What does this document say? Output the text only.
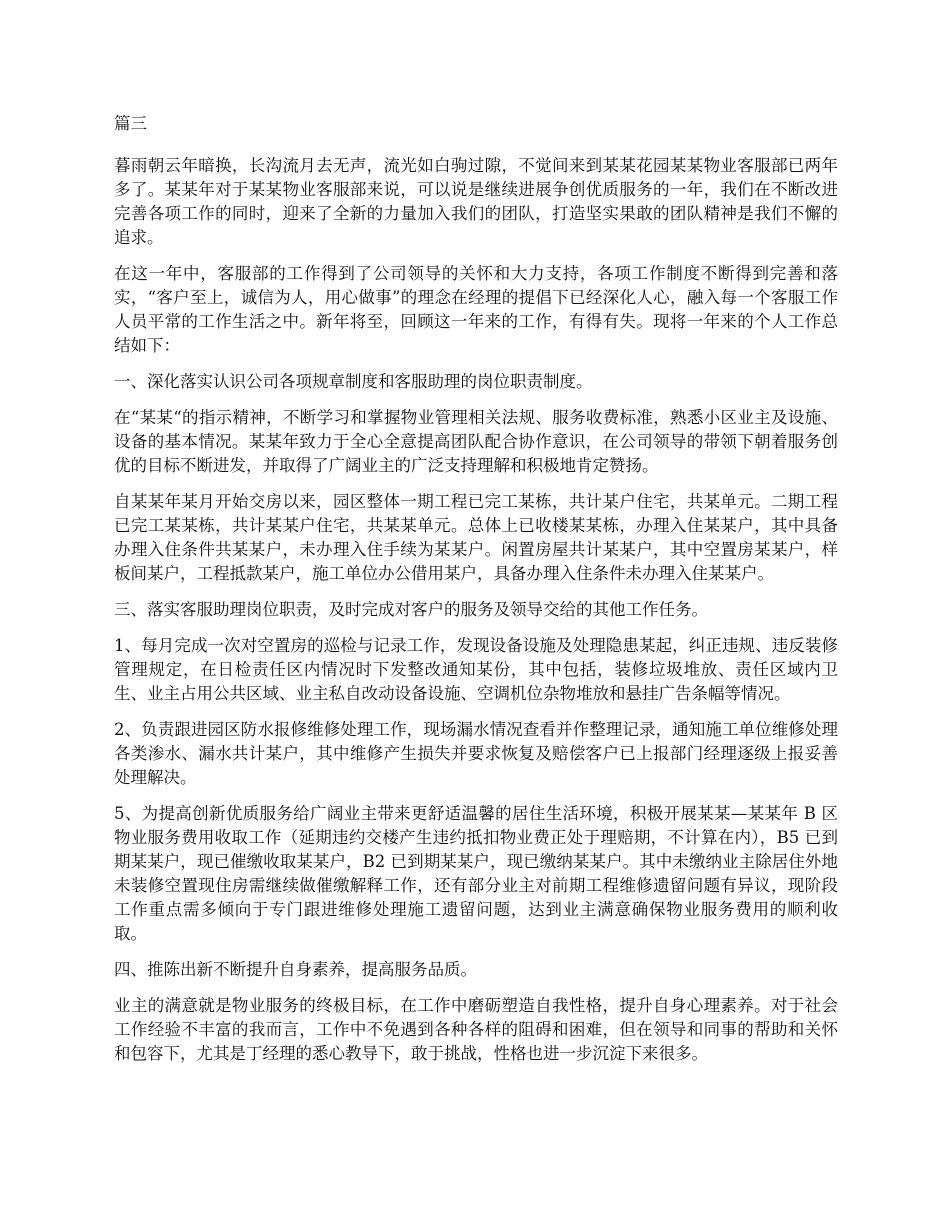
篇三

暮雨朝云年暗换，长沟流月去无声，流光如白驹过隙，不觉间来到某某花园某某物业客服部已两年多了。某某年对于某某物业客服部来说，可以说是继续进展争创优质服务的一年，我们在不断改进完善各项工作的同时，迎来了全新的力量加入我们的团队，打造坚实果敢的团队精神是我们不懈的追求。

在这一年中，客服部的工作得到了公司领导的关怀和大力支持，各项工作制度不断得到完善和落实，“客户至上，诚信为人，用心做事”的理念在经理的提倡下已经深化人心，融入每一个客服工作人员平常的工作生活之中。新年将至，回顾这一年来的工作，有得有失。现将一年来的个人工作总结如下：

一、深化落实认识公司各项规章制度和客服助理的岗位职责制度。

在“某某“的指示精神，不断学习和掌握物业管理相关法规、服务收费标准，熟悉小区业主及设施、设备的基本情况。某某年致力于全心全意提高团队配合协作意识，在公司领导的带领下朝着服务创优的目标不断进发，并取得了广阔业主的广泛支持理解和积极地肯定赞扬。

自某某年某月开始交房以来，园区整体一期工程已完工某栋，共计某户住宅，共某单元。二期工程已完工某某栋，共计某某户住宅，共某某单元。总体上已收楼某某栋，办理入住某某户，其中具备办理入住条件共某某户，未办理入住手续为某某户。闲置房屋共计某某户，其中空置房某某户，样板间某户，工程抵款某户，施工单位办公借用某户，具备办理入住条件未办理入住某某户。

三、落实客服助理岗位职责，及时完成对客户的服务及领导交给的其他工作任务。

1、每月完成一次对空置房的巡检与记录工作，发现设备设施及处理隐患某起，纠正违规、违反装修管理规定，在日检责任区内情况时下发整改通知某份，其中包括，装修垃圾堆放、责任区域内卫生、业主占用公共区域、业主私自改动设备设施、空调机位杂物堆放和悬挂广告条幅等情况。

2、负责跟进园区防水报修维修处理工作，现场漏水情况查看并作整理记录，通知施工单位维修处理各类渗水、漏水共计某户，其中维修产生损失并要求恢复及赔偿客户已上报部门经理逐级上报妥善处理解决。

5、为提高创新优质服务给广阔业主带来更舒适温馨的居住生活环境，积极开展某某—某某年 B 区物业服务费用收取工作（延期违约交楼产生违约抵扣物业费正处于理赔期，不计算在内），B5 已到期某某户，现已催缴收取某某户，B2 已到期某某户，现已缴纳某某户。其中未缴纳业主除居住外地未装修空置现住房需继续做催缴解释工作，还有部分业主对前期工程维修遗留问题有异议，现阶段工作重点需多倾向于专门跟进维修处理施工遗留问题，达到业主满意确保物业服务费用的顺利收取。

四、推陈出新不断提升自身素养，提高服务品质。

业主的满意就是物业服务的终极目标，在工作中磨砺塑造自我性格，提升自身心理素养。对于社会工作经验不丰富的我而言，工作中不免遇到各种各样的阻碍和困难，但在领导和同事的帮助和关怀和包容下，尤其是丁经理的悉心教导下，敢于挑战，性格也进一步沉淀下来很多。
